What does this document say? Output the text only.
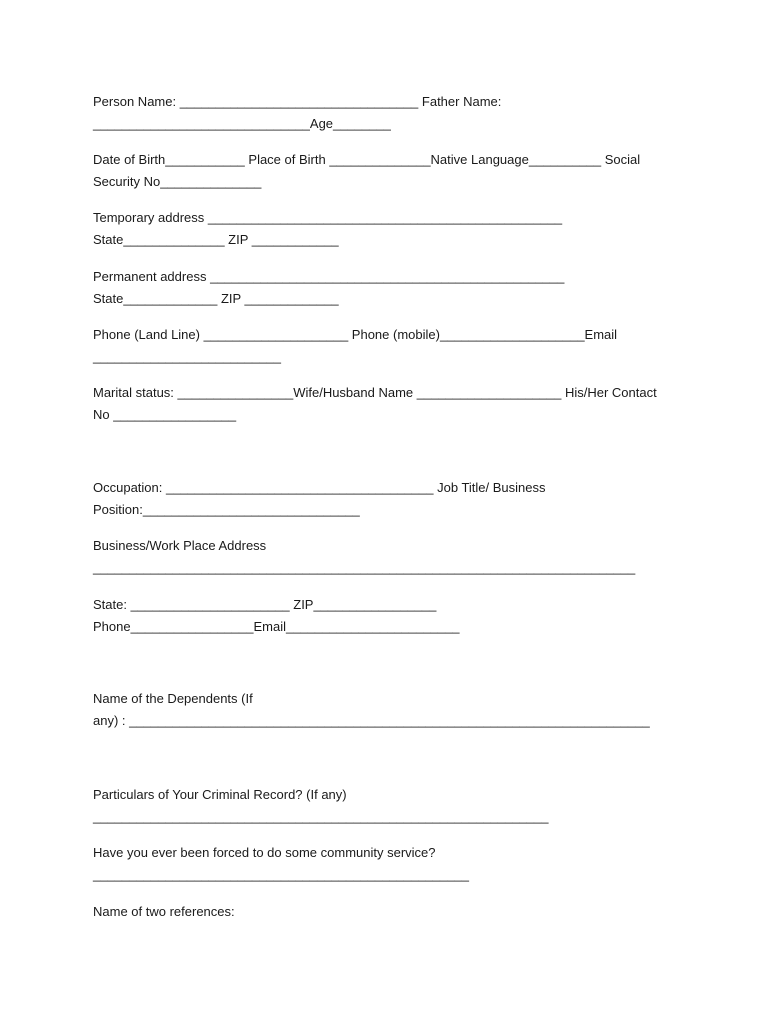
Person Name: _________________________________ Father Name:
______________________________Age________
Date of Birth___________ Place of Birth ______________Native Language__________ Social
Security No______________
Temporary address _________________________________________________
State______________ ZIP ____________
Permanent address _________________________________________________
State_____________ ZIP _____________
Phone (Land Line) ____________________ Phone (mobile)____________________Email
__________________________
Marital status: ________________Wife/Husband Name ____________________ His/Her Contact
No _________________
Occupation: _____________________________________ Job Title/ Business
Position:______________________________
Business/Work Place Address
___________________________________________________________________________
State: ______________________ ZIP_________________
Phone_________________Email________________________
Name of the Dependents (If
any) : ________________________________________________________________________
Particulars of Your Criminal Record? (If any)
_______________________________________________________________
Have you ever been forced to do some community service?
____________________________________________________
Name of two references:
